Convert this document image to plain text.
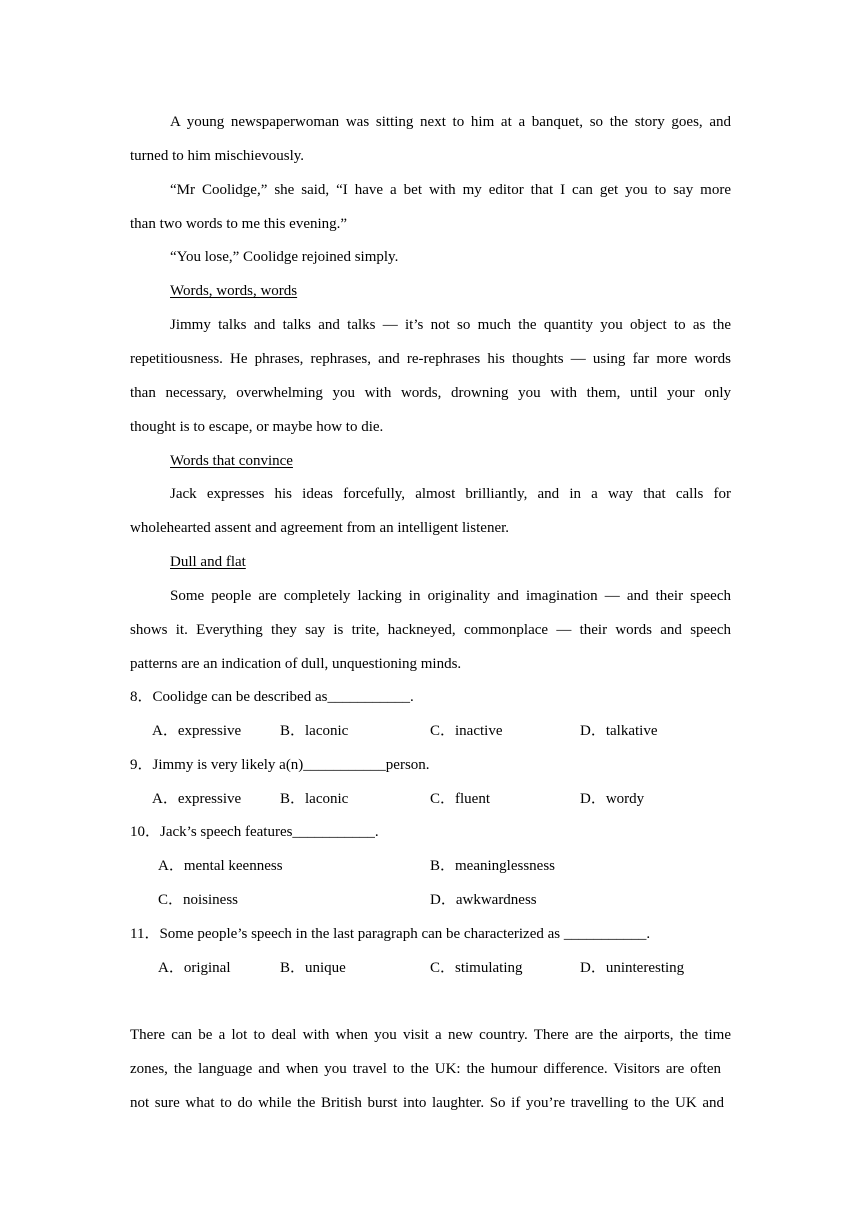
A young newspaperwoman was sitting next to him at a banquet, so the story goes, and
turned to him mischievously.
“Mr Coolidge,” she said, “I have a bet with my editor that I can get you to say more
than two words to me this evening.”
“You lose,” Coolidge rejoined simply.
Words, words, words
Jimmy talks and talks and talks — it’s not so much the quantity you object to as the
repetitiousness. He phrases, rephrases, and re-rephrases his thoughts — using far more words
than necessary, overwhelming you with words, drowning you with them, until your only
thought is to escape, or maybe how to die.
Words that convince
Jack expresses his ideas forcefully, almost brilliantly, and in a way that calls for
wholehearted assent and agreement from an intelligent listener.
Dull and flat
Some people are completely lacking in originality and imagination — and their speech
shows it. Everything they say is trite, hackneyed, commonplace — their words and speech
patterns are an indication of dull, unquestioning minds.
8．Coolidge can be described as___________.
A．expressive	B．laconic	C．inactive	D．talkative
9．Jimmy is very likely a(n)___________person.
A．expressive	B．laconic	C．fluent	D．wordy
10．Jack’s speech features___________.
A．mental keenness	B．meaninglessness
C．noisiness	D．awkwardness
11．Some people’s speech in the last paragraph can be characterized as ___________.
A．original	B．unique	C．stimulating	D．uninteresting
There can be a lot to deal with when you visit a new country. There are the airports, the time
zones, the language and when you travel to the UK: the humour difference. Visitors are often
not sure what to do while the British burst into laughter. So if you’re travelling to the UK and
